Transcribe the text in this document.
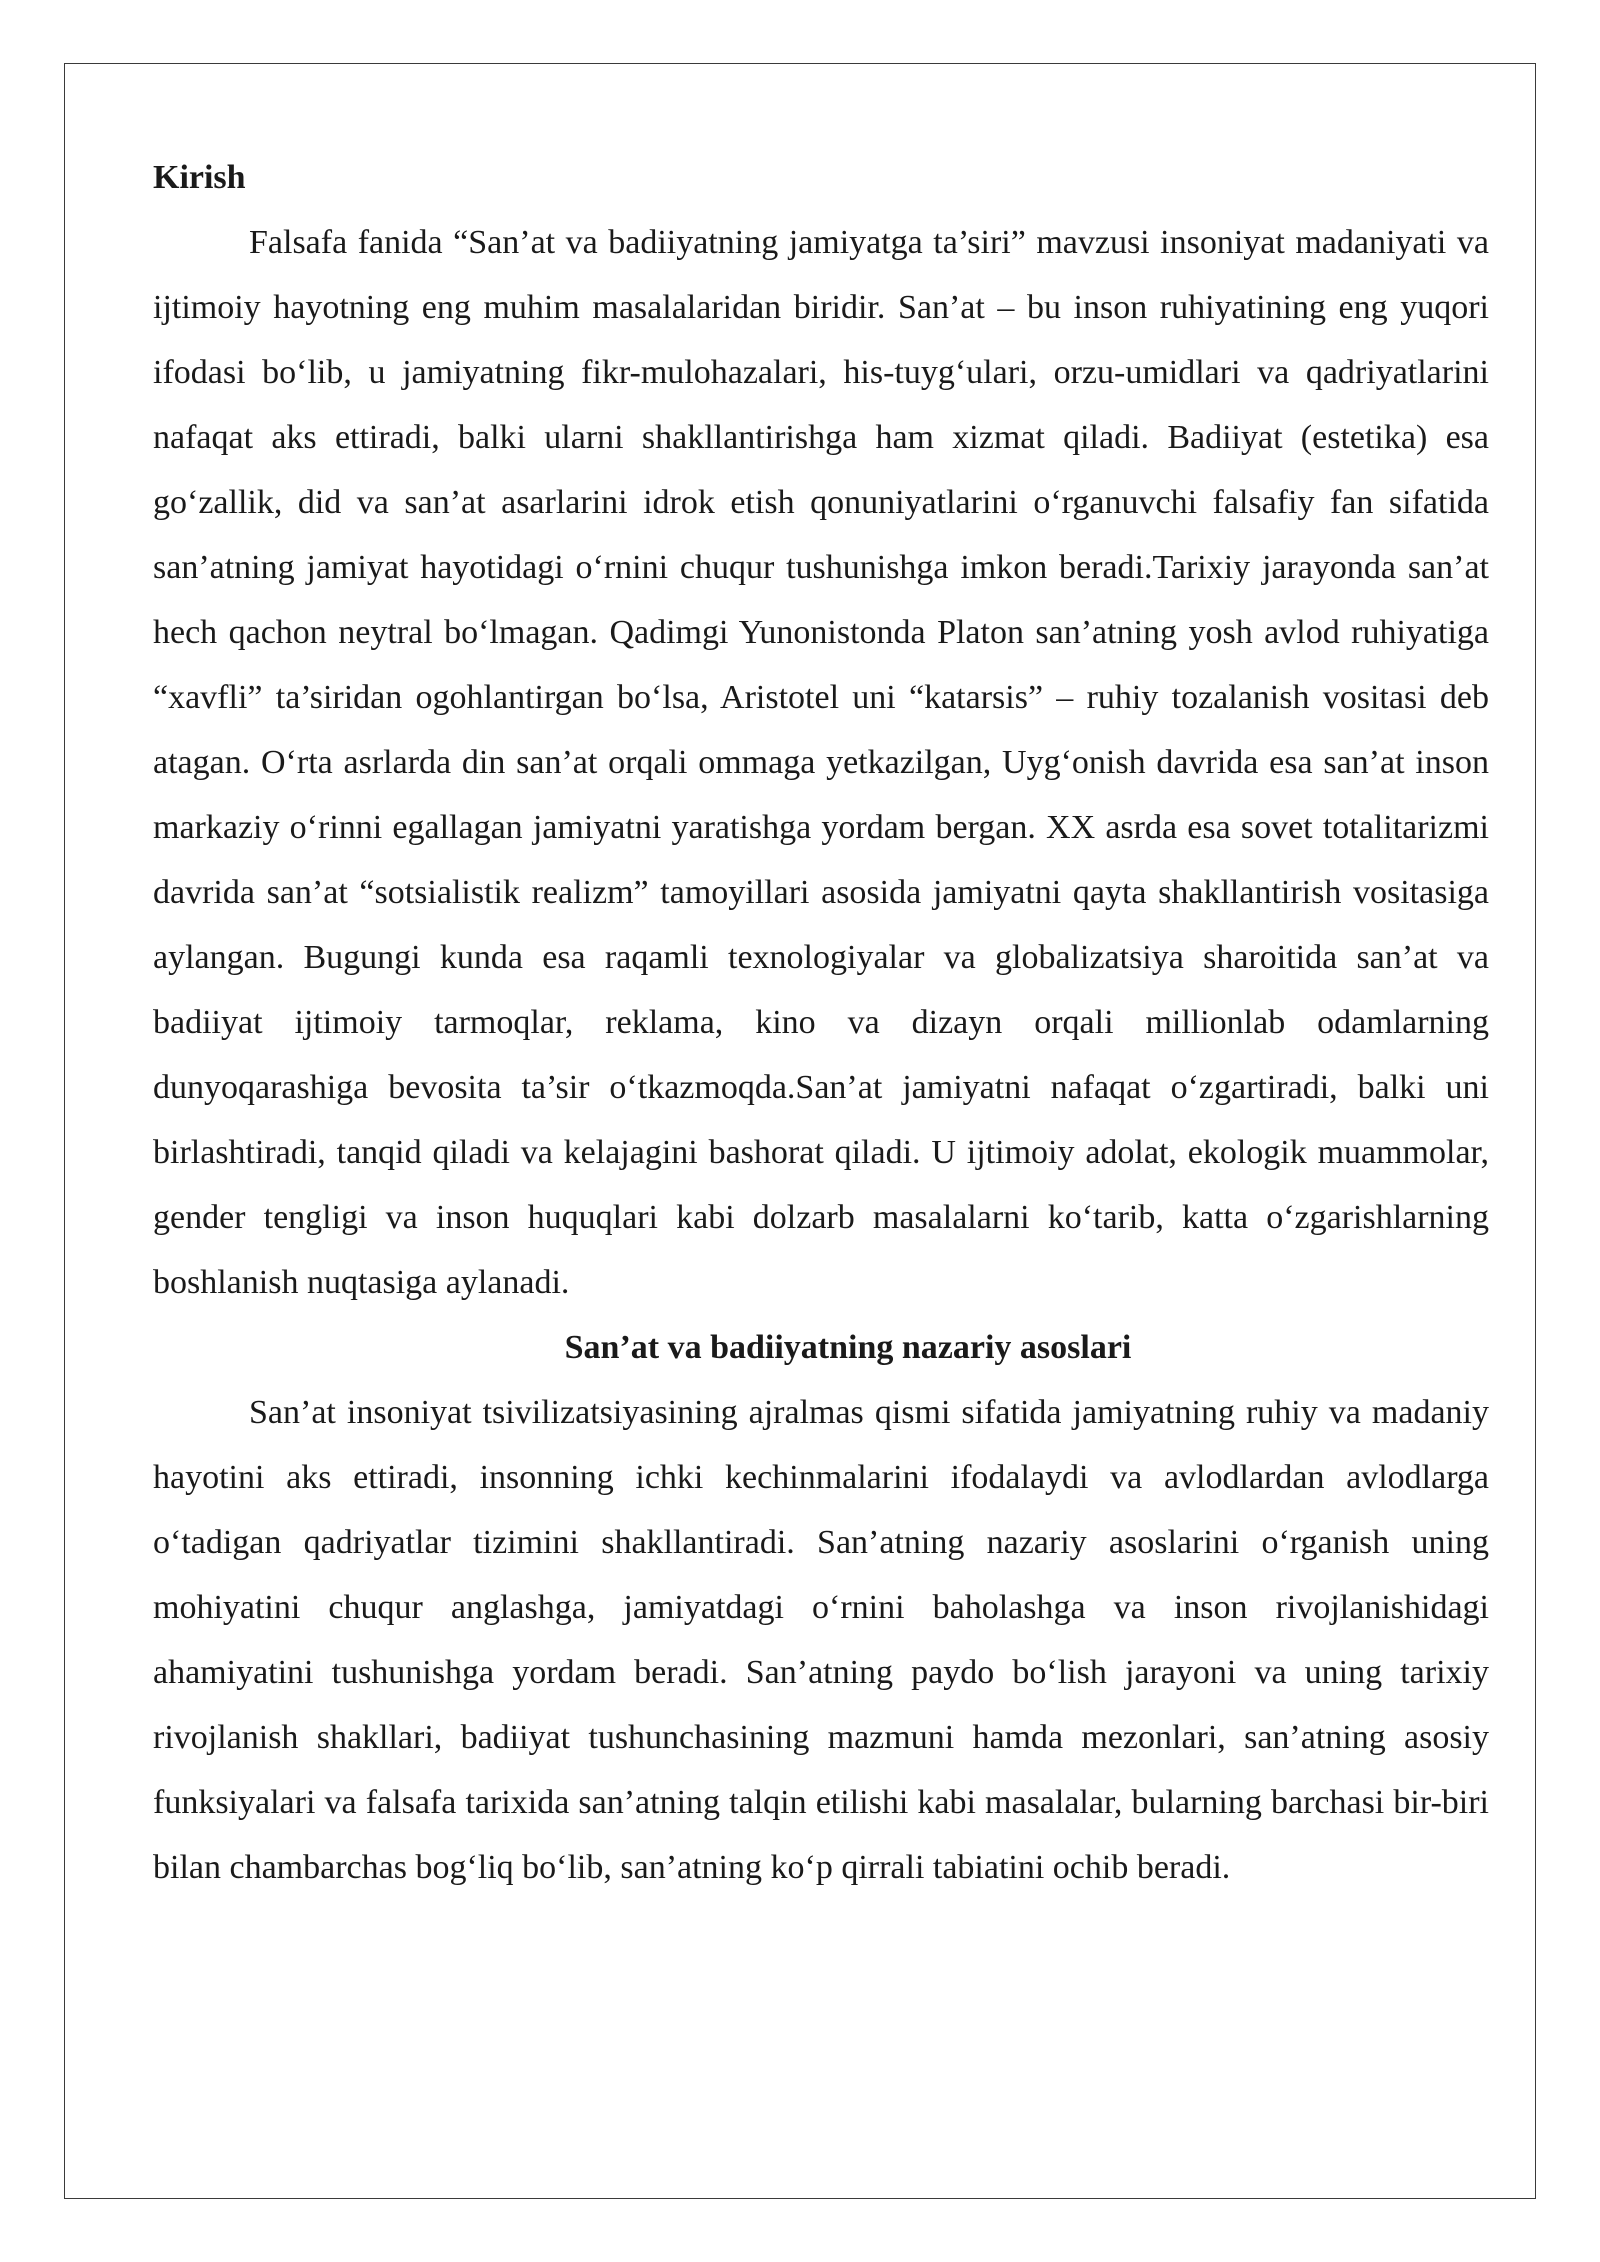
Kirish

Falsafa fanida “San’at va badiiyatning jamiyatga ta’siri” mavzusi insoniyat madaniyati va ijtimoiy hayotning eng muhim masalalaridan biridir. San’at – bu inson ruhiyatining eng yuqori ifodasi bo‘lib, u jamiyatning fikr-mulohazalari, his-tuyg‘ulari, orzu-umidlari va qadriyatlarini nafaqat aks ettiradi, balki ularni shakllantirishga ham xizmat qiladi. Badiiyat (estetika) esa go‘zallik, did va san’at asarlarini idrok etish qonuniyatlarini o‘rganuvchi falsafiy fan sifatida san’atning jamiyat hayotidagi o‘rnini chuqur tushunishga imkon beradi.Tarixiy jarayonda san’at hech qachon neytral bo‘lmagan. Qadimgi Yunonistonda Platon san’atning yosh avlod ruhiyatiga “xavfli” ta’siridan ogohlantirgan bo‘lsa, Aristotel uni “katarsis” – ruhiy tozalanish vositasi deb atagan. O‘rta asrlarda din san’at orqali ommaga yetkazilgan, Uyg‘onish davrida esa san’at inson markaziy o‘rinni egallagan jamiyatni yaratishga yordam bergan. XX asrda esa sovet totalitarizmi davrida san’at “sotsialistik realizm” tamoyillari asosida jamiyatni qayta shakllantirish vositasiga aylangan. Bugungi kunda esa raqamli texnologiyalar va globalizatsiya sharoitida san’at va badiiyat ijtimoiy tarmoqlar, reklama, kino va dizayn orqali millionlab odamlarning dunyoqarashiga bevosita ta’sir o‘tkazmoqda.San’at jamiyatni nafaqat o‘zgartiradi, balki uni birlashtiradi, tanqid qiladi va kelajagini bashorat qiladi. U ijtimoiy adolat, ekologik muammolar, gender tengligi va inson huquqlari kabi dolzarb masalalarni ko‘tarib, katta o‘zgarishlarning boshlanish nuqtasiga aylanadi.

San’at va badiiyatning nazariy asoslari

San’at insoniyat tsivilizatsiyasining ajralmas qismi sifatida jamiyatning ruhiy va madaniy hayotini aks ettiradi, insonning ichki kechinmalarini ifodalaydi va avlodlardan avlodlarga o‘tadigan qadriyatlar tizimini shakllantiradi. San’atning nazariy asoslarini o‘rganish uning mohiyatini chuqur anglashga, jamiyatdagi o‘rnini baholashga va inson rivojlanishidagi ahamiyatini tushunishga yordam beradi. San’atning paydo bo‘lish jarayoni va uning tarixiy rivojlanish shakllari, badiiyat tushunchasining mazmuni hamda mezonlari, san’atning asosiy funksiyalari va falsafa tarixida san’atning talqin etilishi kabi masalalar, bularning barchasi bir-biri bilan chambarchas bog‘liq bo‘lib, san’atning ko‘p qirrali tabiatini ochib beradi.
